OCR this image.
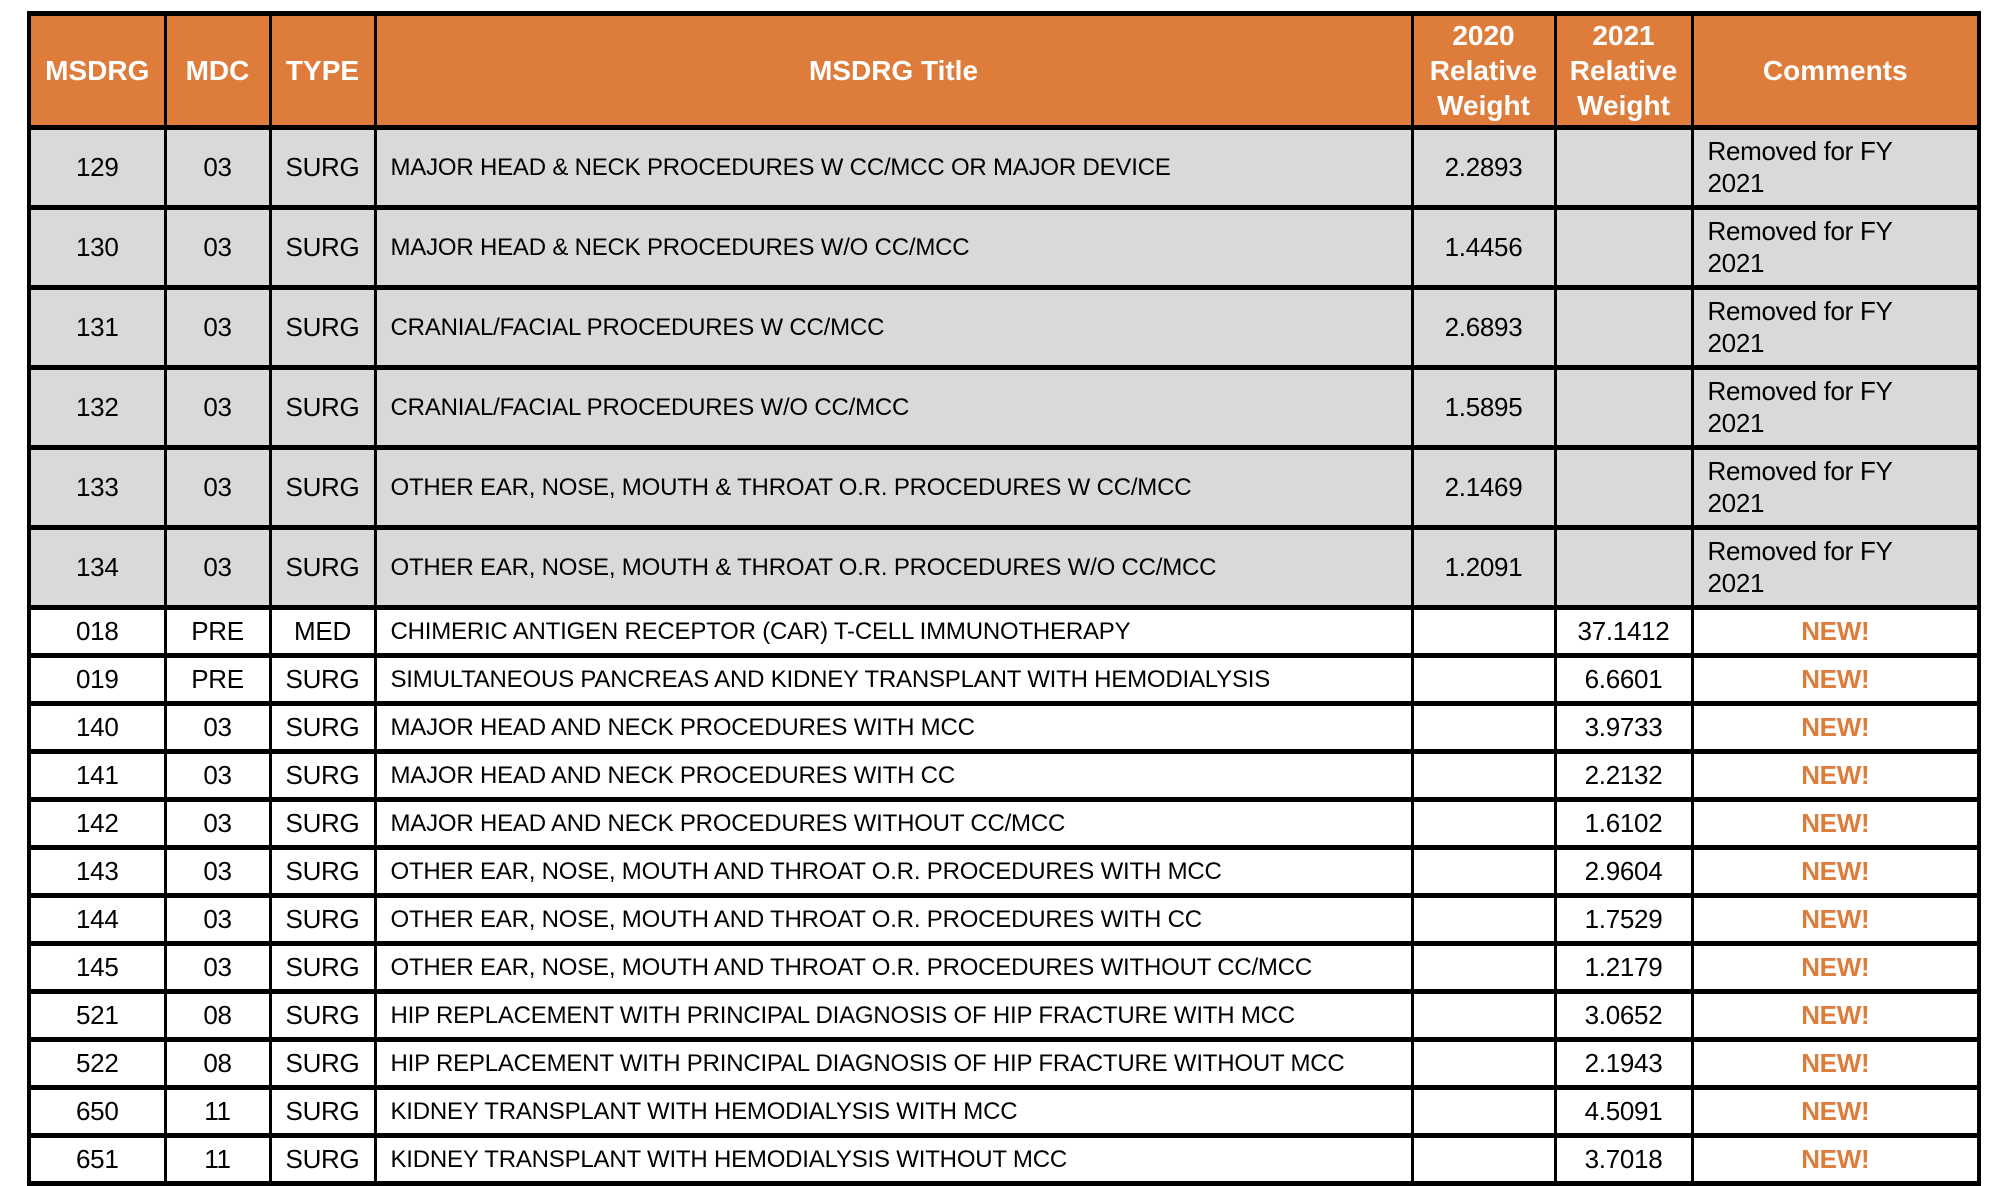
MSDRG	MDC	TYPE	MSDRG Title	2020 Relative Weight	2021 Relative Weight	Comments
129	03	SURG	MAJOR HEAD & NECK PROCEDURES W CC/MCC OR MAJOR DEVICE	2.2893		Removed for FY 2021
130	03	SURG	MAJOR HEAD & NECK PROCEDURES W/O CC/MCC	1.4456		Removed for FY 2021
131	03	SURG	CRANIAL/FACIAL PROCEDURES W CC/MCC	2.6893		Removed for FY 2021
132	03	SURG	CRANIAL/FACIAL PROCEDURES W/O CC/MCC	1.5895		Removed for FY 2021
133	03	SURG	OTHER EAR, NOSE, MOUTH & THROAT O.R. PROCEDURES W CC/MCC	2.1469		Removed for FY 2021
134	03	SURG	OTHER EAR, NOSE, MOUTH & THROAT O.R. PROCEDURES W/O CC/MCC	1.2091		Removed for FY 2021
018	PRE	MED	CHIMERIC ANTIGEN RECEPTOR (CAR) T-CELL IMMUNOTHERAPY		37.1412	NEW!
019	PRE	SURG	SIMULTANEOUS PANCREAS AND KIDNEY TRANSPLANT WITH HEMODIALYSIS		6.6601	NEW!
140	03	SURG	MAJOR HEAD AND NECK PROCEDURES WITH MCC		3.9733	NEW!
141	03	SURG	MAJOR HEAD AND NECK PROCEDURES WITH CC		2.2132	NEW!
142	03	SURG	MAJOR HEAD AND NECK PROCEDURES WITHOUT CC/MCC		1.6102	NEW!
143	03	SURG	OTHER EAR, NOSE, MOUTH AND THROAT O.R. PROCEDURES WITH MCC		2.9604	NEW!
144	03	SURG	OTHER EAR, NOSE, MOUTH AND THROAT O.R. PROCEDURES WITH CC		1.7529	NEW!
145	03	SURG	OTHER EAR, NOSE, MOUTH AND THROAT O.R. PROCEDURES WITHOUT CC/MCC		1.2179	NEW!
521	08	SURG	HIP REPLACEMENT WITH PRINCIPAL DIAGNOSIS OF HIP FRACTURE WITH MCC		3.0652	NEW!
522	08	SURG	HIP REPLACEMENT WITH PRINCIPAL DIAGNOSIS OF HIP FRACTURE WITHOUT MCC		2.1943	NEW!
650	11	SURG	KIDNEY TRANSPLANT WITH HEMODIALYSIS WITH MCC		4.5091	NEW!
651	11	SURG	KIDNEY TRANSPLANT WITH HEMODIALYSIS WITHOUT MCC		3.7018	NEW!
